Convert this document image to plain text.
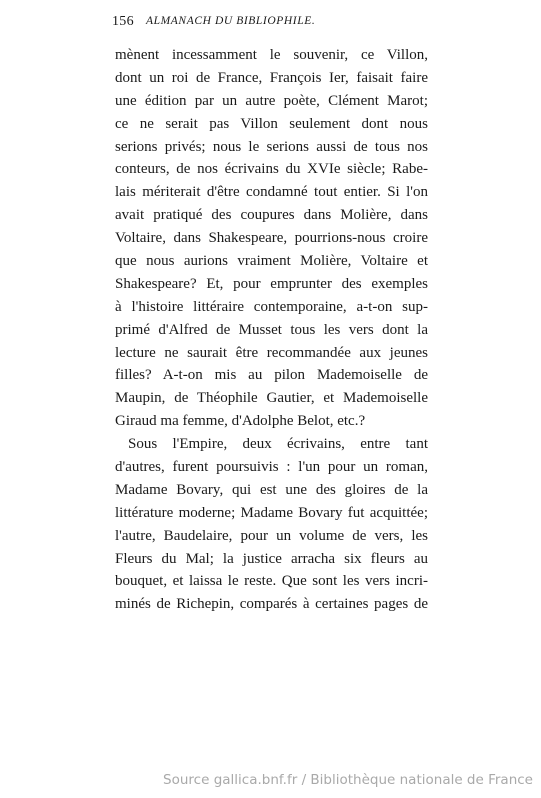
156 ALMANACH DU BIBLIOPHILE.
mènent incessamment le souvenir, ce Villon,
dont un roi de France, François Ier, faisait faire
une édition par un autre poète, Clément Marot;
ce ne serait pas Villon seulement dont nous
serions privés; nous le serions aussi de tous nos
conteurs, de nos écrivains du XVIe siècle; Rabe-
lais mériterait d'être condamné tout entier. Si l'on
avait pratiqué des coupures dans Molière, dans
Voltaire, dans Shakespeare, pourrions-nous croire
que nous aurions vraiment Molière, Voltaire et
Shakespeare? Et, pour emprunter des exemples
à l'histoire littéraire contemporaine, a-t-on sup-
primé d'Alfred de Musset tous les vers dont la
lecture ne saurait être recommandée aux jeunes
filles? A-t-on mis au pilon Mademoiselle de
Maupin, de Théophile Gautier, et Mademoiselle
Giraud ma femme, d'Adolphe Belot, etc.?
Sous l'Empire, deux écrivains, entre tant
d'autres, furent poursuivis : l'un pour un roman,
Madame Bovary, qui est une des gloires de la
littérature moderne; Madame Bovary fut acquittée;
l'autre, Baudelaire, pour un volume de vers, les
Fleurs du Mal; la justice arracha six fleurs au
bouquet, et laissa le reste. Que sont les vers incri-
minés de Richepin, comparés à certaines pages de
Source gallica.bnf.fr / Bibliothèque nationale de France
